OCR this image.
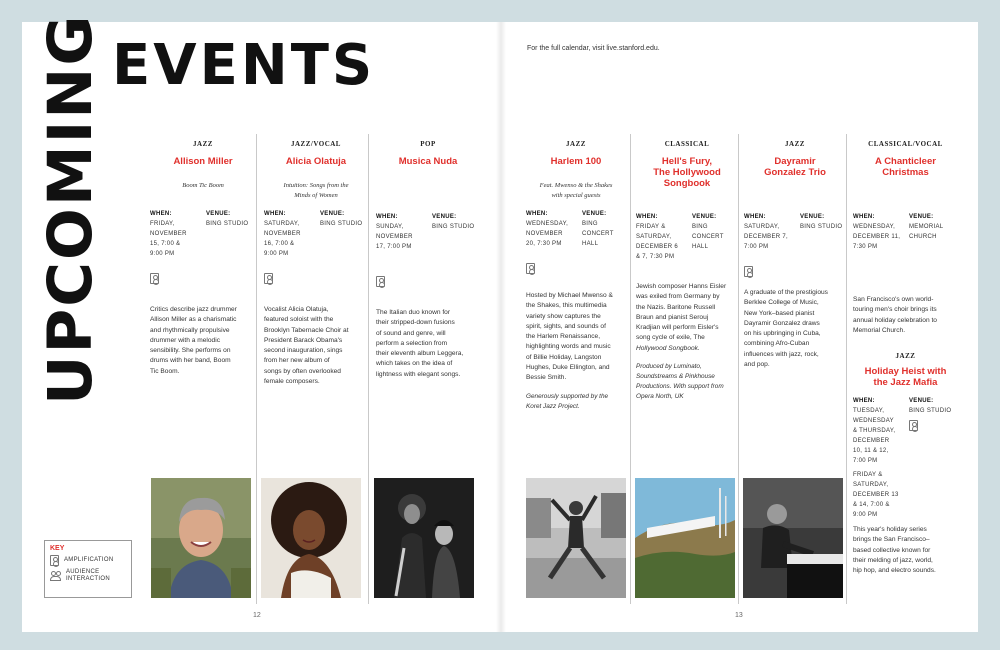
UPCOMING EVENTS	For the full calendar, visit live.stanford.edu.
JAZZ
Allison Miller
Boom Tic Boom
WHEN:
FRIDAY,
NOVEMBER
15, 7:00 &
9:00 PM
VENUE:
BING STUDIO
Critics describe jazz drummer
Allison Miller as a charismatic
and rhythmically propulsive
drummer with a melodic
sensibility. She performs on
drums with her band, Boom
Tic Boom.
JAZZ/VOCAL
Alicia Olatuja
Intuition: Songs from the
Minds of Women
WHEN:
SATURDAY,
NOVEMBER
16, 7:00 &
9:00 PM
VENUE:
BING STUDIO
Vocalist Alicia Olatuja,
featured soloist with the
Brooklyn Tabernacle Choir at
President Barack Obama's
second inauguration, sings
from her new album of
songs by often overlooked
female composers.
POP
Musica Nuda
WHEN:
SUNDAY,
NOVEMBER
17, 7:00 PM
VENUE:
BING STUDIO
The Italian duo known for
their stripped-down fusions
of sound and genre, will
perform a selection from
their eleventh album Leggera,
which takes on the idea of
lightness with elegant songs.
JAZZ
Harlem 100
Feat. Mwenso & the Shakes
with special guests
WHEN:
WEDNESDAY,
NOVEMBER
20, 7:30 PM
VENUE:
BING
CONCERT
HALL
Hosted by Michael Mwenso &
the Shakes, this multimedia
variety show captures the
spirit, sights, and sounds of
the Harlem Renaissance,
highlighting words and music
of Billie Holiday, Langston
Hughes, Duke Ellington, and
Bessie Smith.
Generously supported by the
Koret Jazz Project.
CLASSICAL
Hell's Fury,
The Hollywood
Songbook
WHEN:
FRIDAY &
SATURDAY,
DECEMBER 6
& 7, 7:30 PM
VENUE:
BING
CONCERT
HALL
Jewish composer Hanns Eisler
was exiled from Germany by
the Nazis. Baritone Russell
Braun and pianist Serouj
Kradjian will perform Eisler's
song cycle of exile, The
Hollywood Songbook.
Produced by Luminato,
Soundstreams & Pinkhouse
Productions. With support from
Opera North, UK
JAZZ
Dayramir
Gonzalez Trio
WHEN:
SATURDAY,
DECEMBER 7,
7:00 PM
VENUE:
BING STUDIO
A graduate of the prestigious
Berklee College of Music,
New York–based pianist
Dayramir Gonzalez draws
on his upbringing in Cuba,
combining Afro-Cuban
influences with jazz, rock,
and pop.
CLASSICAL/VOCAL
A Chanticleer
Christmas
WHEN:
WEDNESDAY,
DECEMBER 11,
7:30 PM
VENUE:
MEMORIAL
CHURCH
San Francisco's own world-
touring men's choir brings its
annual holiday celebration to
Memorial Church.
JAZZ
Holiday Heist with
the Jazz Mafia
WHEN:
TUESDAY,
WEDNESDAY
& THURSDAY,
DECEMBER
10, 11 & 12,
7:00 PM
FRIDAY &
SATURDAY,
DECEMBER 13
& 14, 7:00 &
9:00 PM
VENUE:
BING STUDIO
This year's holiday series
brings the San Francisco–
based collective known for
their melding of jazz, world,
hip hop, and electro sounds.
KEY
AMPLIFICATION
AUDIENCE
INTERACTION
12	13
